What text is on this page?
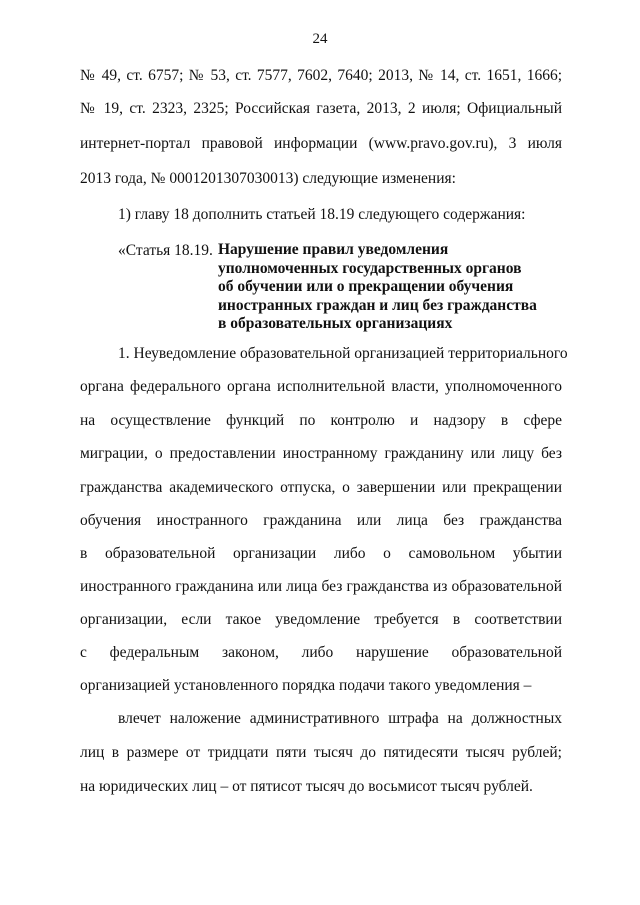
24
№ 49, ст. 6757; № 53, ст. 7577, 7602, 7640; 2013, № 14, ст. 1651, 1666;
№ 19, ст. 2323, 2325; Российская газета, 2013, 2 июля; Официальный
интернет-портал правовой информации (www.pravo.gov.ru), 3 июля
2013 года, № 0001201307030013) следующие изменения:
1) главу 18 дополнить статьей 18.19 следующего содержания:
«Статья 18.19. Нарушение правил уведомления
уполномоченных государственных органов
об обучении или о прекращении обучения
иностранных граждан и лиц без гражданства
в образовательных организациях
1. Неуведомление образовательной организацией территориального
органа федерального органа исполнительной власти, уполномоченного
на осуществление функций по контролю и надзору в сфере
миграции, о предоставлении иностранному гражданину или лицу без
гражданства академического отпуска, о завершении или прекращении
обучения иностранного гражданина или лица без гражданства
в образовательной организации либо о самовольном убытии
иностранного гражданина или лица без гражданства из образовательной
организации, если такое уведомление требуется в соответствии
с федеральным законом, либо нарушение образовательной
организацией установленного порядка подачи такого уведомления –
влечет наложение административного штрафа на должностных
лиц в размере от тридцати пяти тысяч до пятидесяти тысяч рублей;
на юридических лиц – от пятисот тысяч до восьмисот тысяч рублей.
